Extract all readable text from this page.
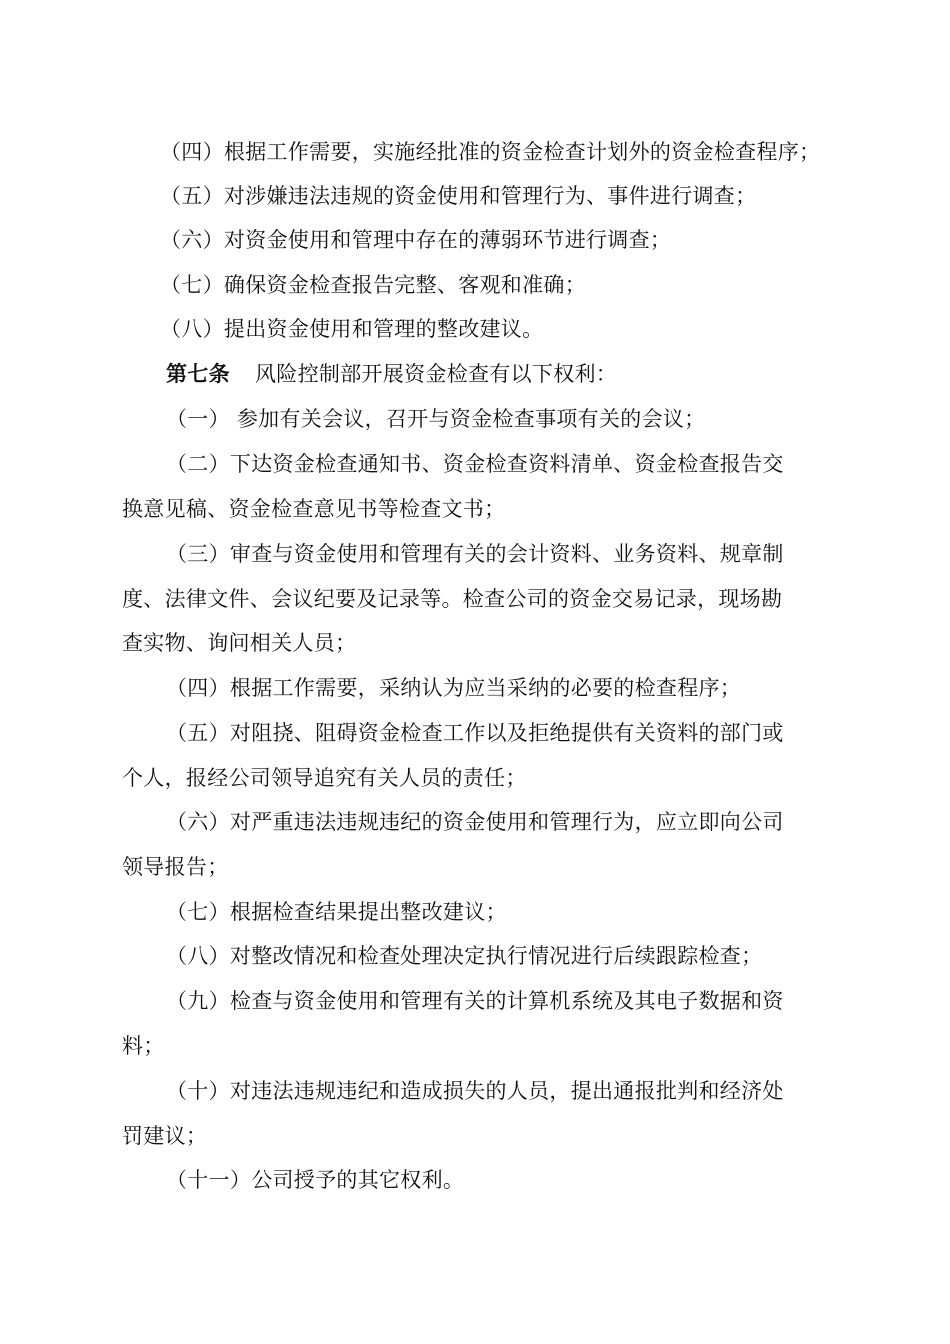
（四）根据工作需要，实施经批准的资金检查计划外的资金检查程序；
（五）对涉嫌违法违规的资金使用和管理行为、事件进行调查；
（六）对资金使用和管理中存在的薄弱环节进行调查；
（七）确保资金检查报告完整、客观和准确；
（八）提出资金使用和管理的整改建议。
第七条 风险控制部开展资金检查有以下权利：
（一） 参加有关会议，召开与资金检查事项有关的会议；
（二）下达资金检查通知书、资金检查资料清单、资金检查报告交
换意见稿、资金检查意见书等检查文书；
（三）审查与资金使用和管理有关的会计资料、业务资料、规章制
度、法律文件、会议纪要及记录等。检查公司的资金交易记录，现场勘
查实物、询问相关人员；
（四）根据工作需要，采纳认为应当采纳的必要的检查程序；
（五）对阻挠、阻碍资金检查工作以及拒绝提供有关资料的部门或
个人，报经公司领导追究有关人员的责任；
（六）对严重违法违规违纪的资金使用和管理行为，应立即向公司
领导报告；
（七）根据检查结果提出整改建议；
（八）对整改情况和检查处理决定执行情况进行后续跟踪检查；
（九）检查与资金使用和管理有关的计算机系统及其电子数据和资
料；
（十）对违法违规违纪和造成损失的人员，提出通报批判和经济处
罚建议；
（十一）公司授予的其它权利。
